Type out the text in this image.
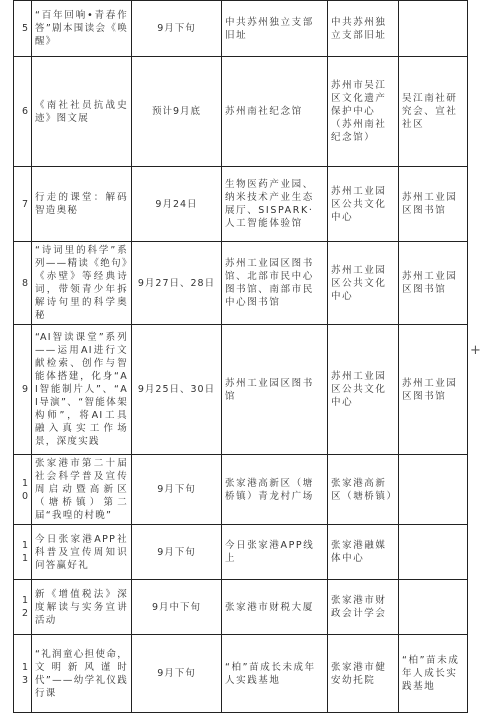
5	“百年回响•青春作答”剧本围读会《唤醒》	9月下旬	中共苏州独立支部旧址	中共苏州独立支部旧址	
6	《南社社员抗战史迹》图文展	预计9月底	苏州南社纪念馆	苏州市吴江区文化遗产保护中心（苏州南社纪念馆）	吴江南社研究会、宣社社区
7	行走的课堂：解码智造奥秘	9月24日	生物医药产业园、纳米技术产业生态展厅、SISPARK·人工智能体验馆	苏州工业园区公共文化中心	苏州工业园区图书馆
8	“诗词里的科学”系列——精读《绝句》《赤壁》等经典诗词，带领青少年拆解诗句里的科学奥秘	9月27日、28日	苏州工业园区图书馆、北部市民中心图书馆、南部市民中心图书馆	苏州工业园区公共文化中心	苏州工业园区图书馆
9	“AI智读课堂”系列——运用AI进行文献检索、创作与智能体搭建，化身“AI智能制片人”、“AI导演”、“智能体架构师”，将AI工具融入真实工作场景，深度实践	9月25日、30日	苏州工业园区图书馆	苏州工业园区公共文化中心	苏州工业园区图书馆
10	张家港市第二十届社会科学普及宣传周启动暨高新区（塘桥镇）第二届“我喤的村晚”	9月下旬	张家港高新区（塘桥镇）青龙村广场	张家港高新区（塘桥镇）	
11	今日张家港APP社科普及宣传周知识问答赢好礼	9月下旬	今日张家港APP线上	张家港融媒体中心	
12	新《增值税法》深度解读与实务宣讲活动	9月中下旬	张家港市财税大厦	张家港市财政会计学会	
13	“礼润童心担使命，文明新风谨时代”——幼学礼仪践行课	9月下旬	“柏”苗成长未成年人实践基地	张家港市健安幼托院	“柏”苗未成年人成长实践基地
+
